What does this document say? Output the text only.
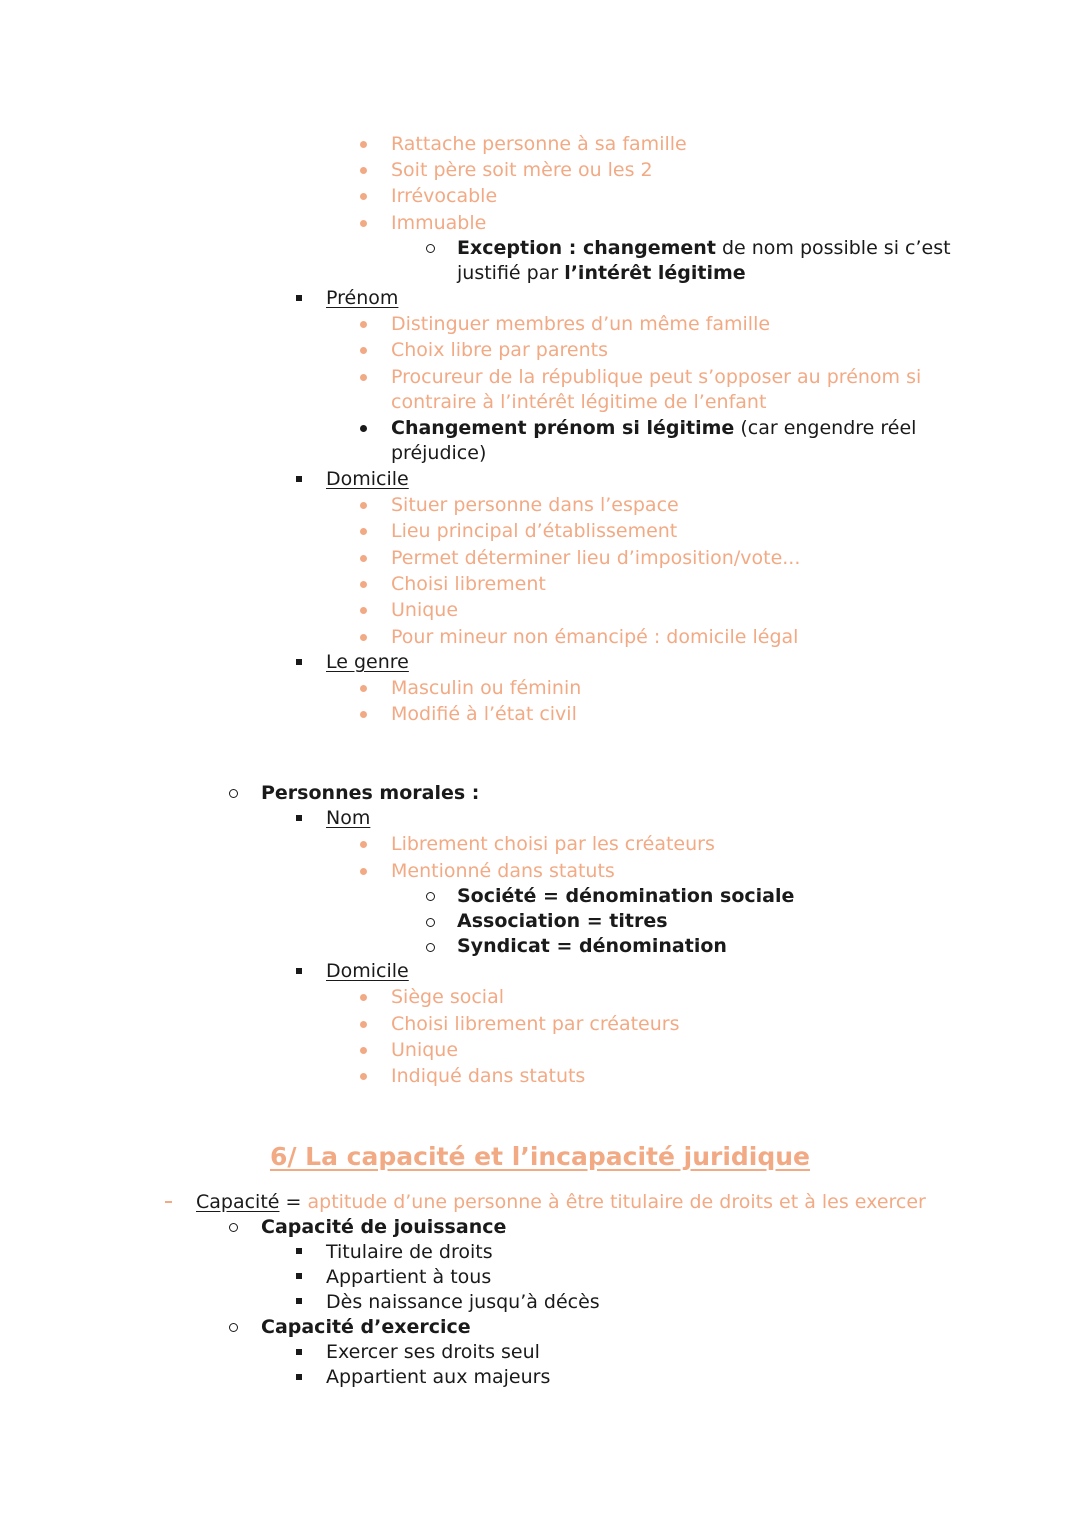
Rattache personne à sa famille
Soit père soit mère ou les 2
Irrévocable
Immuable
Exception : changement de nom possible si c’est
justifié par l’intérêt légitime
Prénom
Distinguer membres d’un même famille
Choix libre par parents
Procureur de la république peut s’opposer au prénom si
contraire à l’intérêt légitime de l’enfant
Changement prénom si légitime (car engendre réel
préjudice)
Domicile
Situer personne dans l’espace
Lieu principal d’établissement
Permet déterminer lieu d’imposition/vote...
Choisi librement
Unique
Pour mineur non émancipé : domicile légal
Le genre
Masculin ou féminin
Modifié à l’état civil
Personnes morales :
Nom
Librement choisi par les créateurs
Mentionné dans statuts
Société = dénomination sociale
Association = titres
Syndicat = dénomination
Domicile
Siège social
Choisi librement par créateurs
Unique
Indiqué dans statuts
6/ La capacité et l’incapacité juridique
Capacité = aptitude d’une personne à être titulaire de droits et à les exercer
Capacité de jouissance
Titulaire de droits
Appartient à tous
Dès naissance jusqu’à décès
Capacité d’exercice
Exercer ses droits seul
Appartient aux majeurs
